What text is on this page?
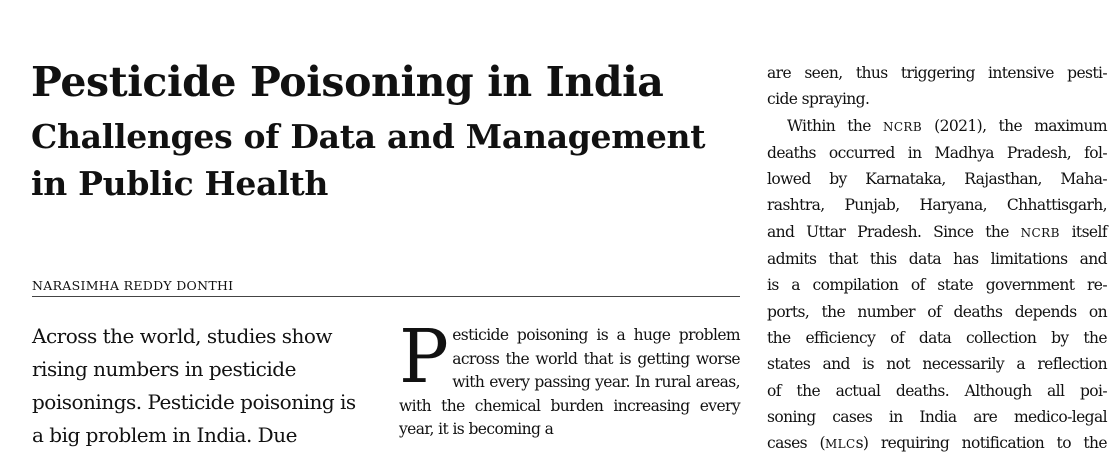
Pesticide Poisoning in India
Challenges of Data and Management in Public Health
NARASIMHA REDDY DONTHI

Across the world, studies show rising numbers in pesticide poisonings. Pesticide poisoning is a big problem in India. Due

Pesticide poisoning is a huge problem across the world that is getting worse with every passing year. In rural areas, with the chemical burden increasing every year, it is becoming a

are seen, thus triggering intensive pesti-
cide spraying.
Within the NCRB (2021), the maximum
deaths occurred in Madhya Pradesh, fol-
lowed by Karnataka, Rajasthan, Maha-
rashtra, Punjab, Haryana, Chhattisgarh,
and Uttar Pradesh. Since the NCRB itself
admits that this data has limitations and
is a compilation of state government re-
ports, the number of deaths depends on
the efficiency of data collection by the
states and is not necessarily a reflection
of the actual deaths. Although all poi-
soning cases in India are medico-legal
cases (MLCs) requiring notification to the
